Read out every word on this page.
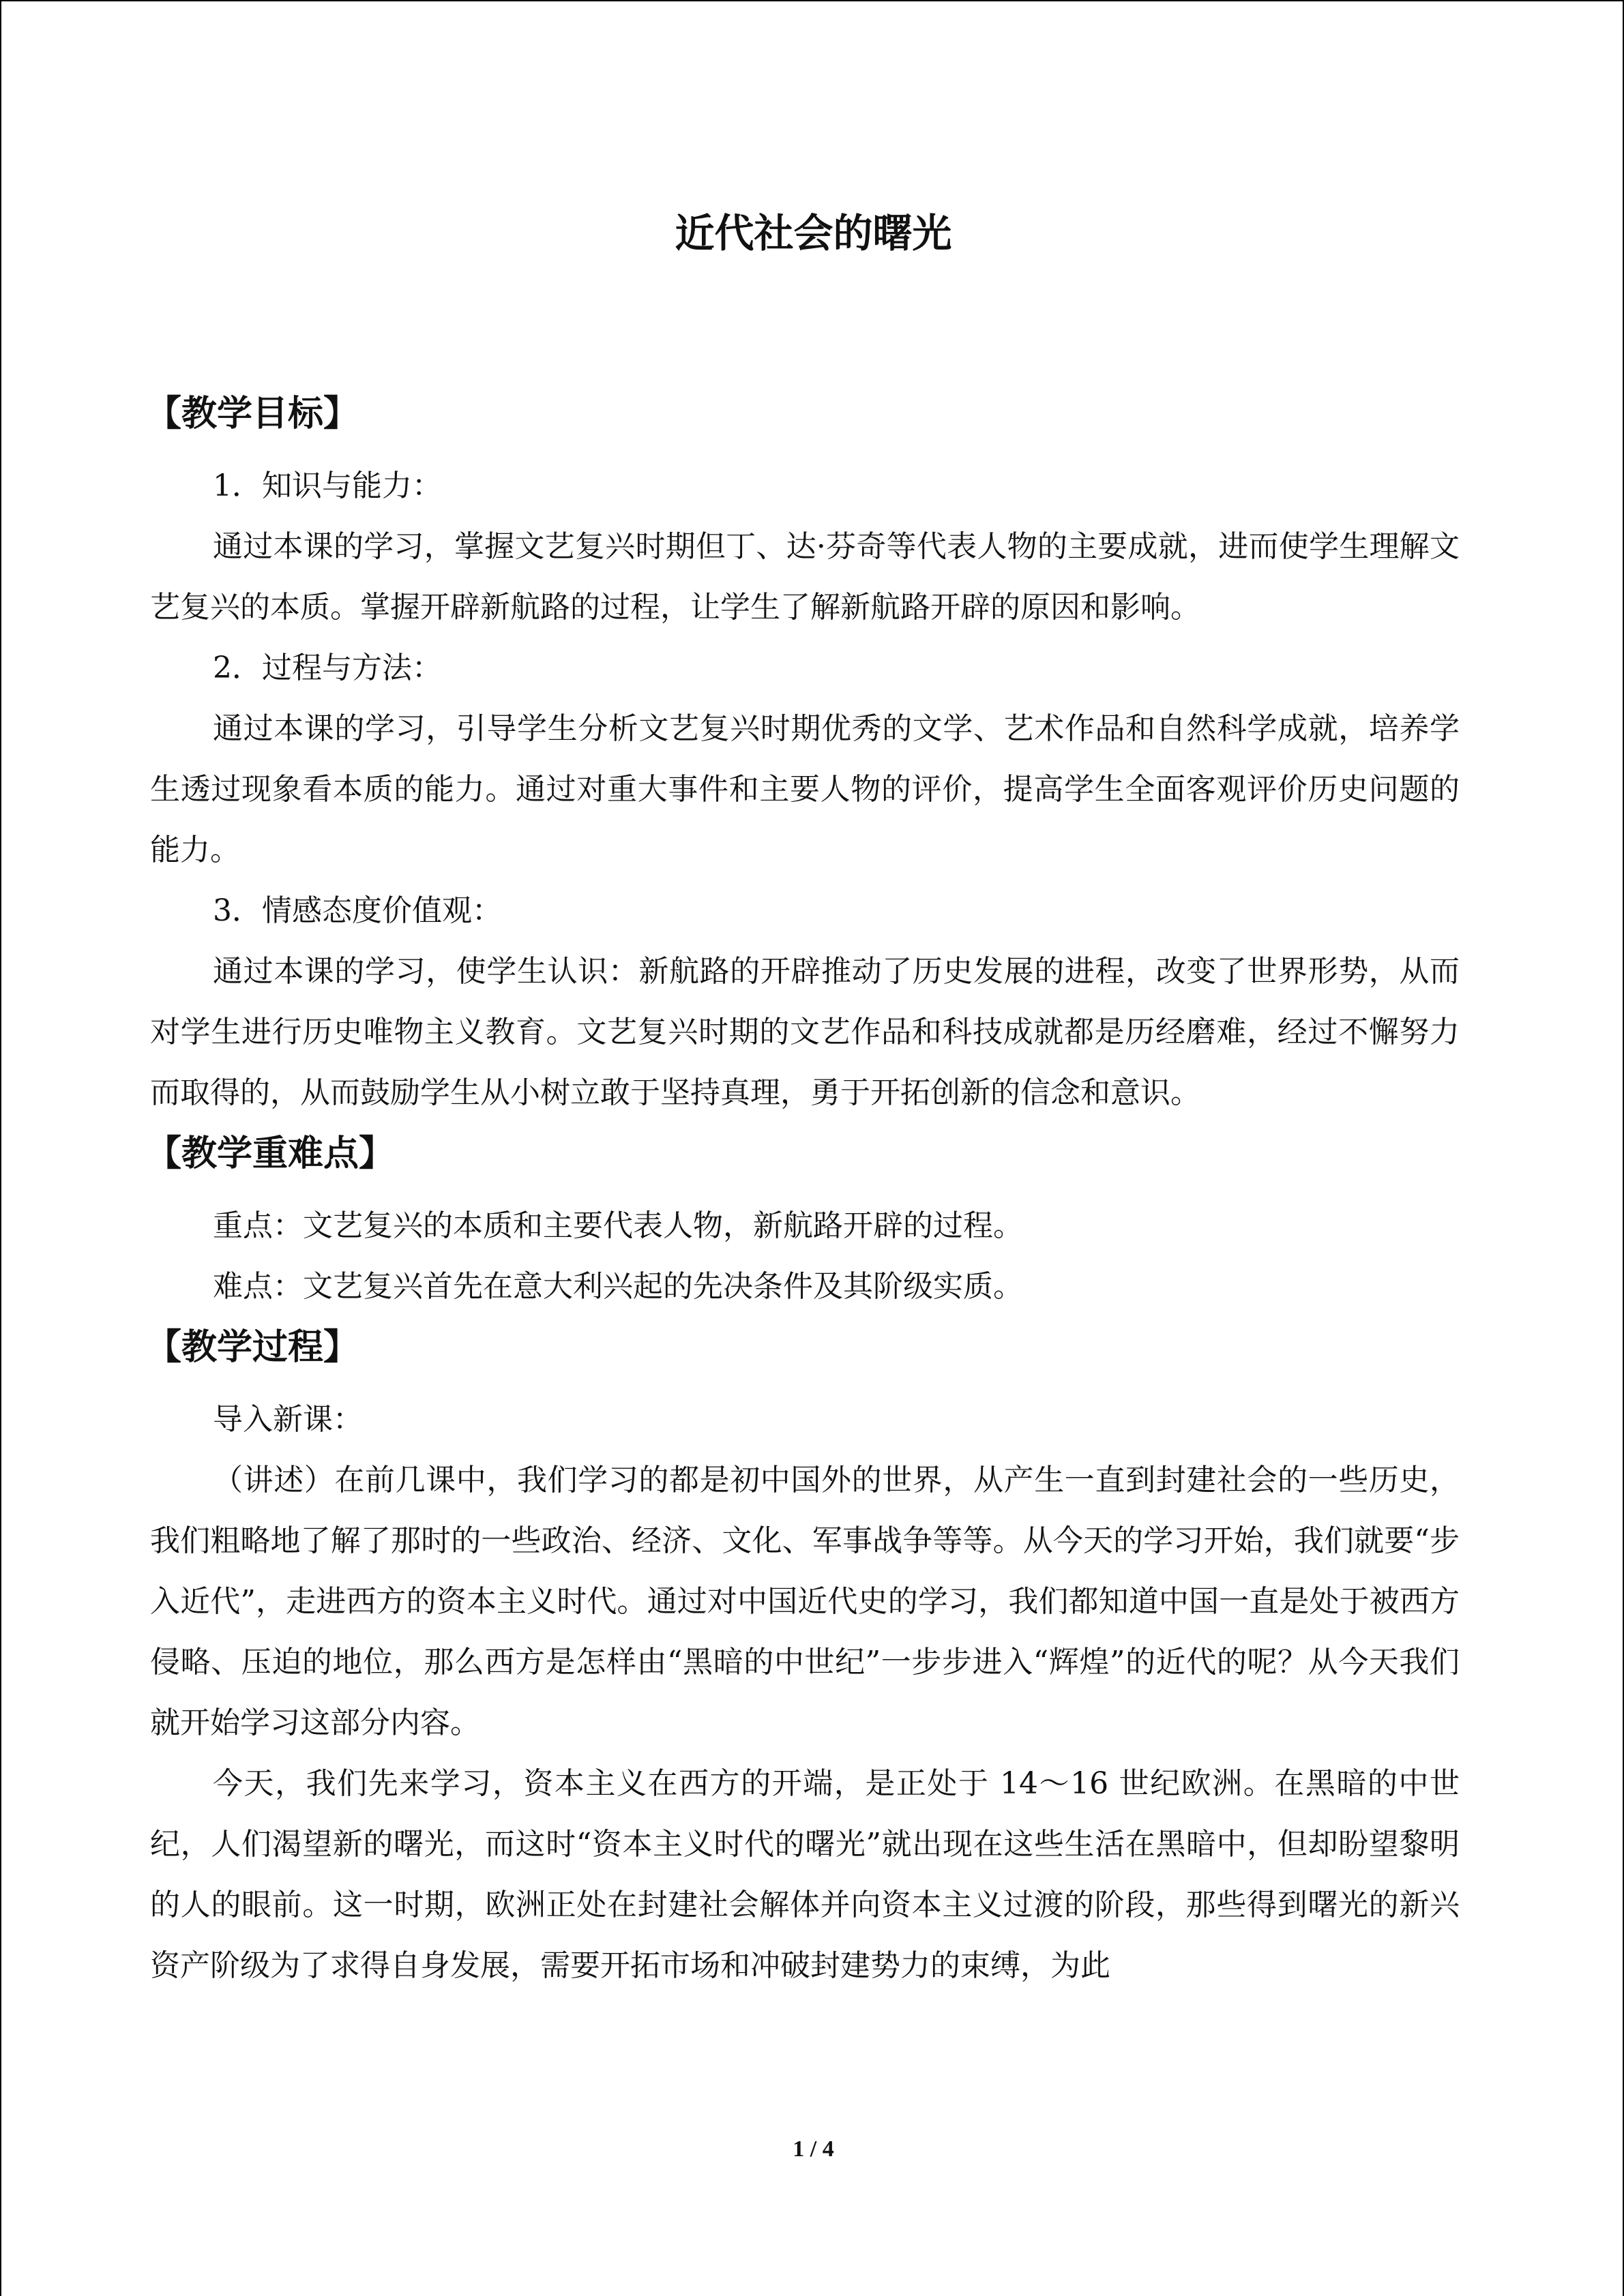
近代社会的曙光
【教学目标】

1．知识与能力：

通过本课的学习，掌握文艺复兴时期但丁、达·芬奇等代表人物的主要成就，进而使学生理解文艺复兴的本质。掌握开辟新航路的过程，让学生了解新航路开辟的原因和影响。

2．过程与方法：

通过本课的学习，引导学生分析文艺复兴时期优秀的文学、艺术作品和自然科学成就，培养学生透过现象看本质的能力。通过对重大事件和主要人物的评价，提高学生全面客观评价历史问题的能力。

3．情感态度价值观：

通过本课的学习，使学生认识：新航路的开辟推动了历史发展的进程，改变了世界形势，从而对学生进行历史唯物主义教育。文艺复兴时期的文艺作品和科技成就都是历经磨难，经过不懈努力而取得的，从而鼓励学生从小树立敢于坚持真理，勇于开拓创新的信念和意识。

【教学重难点】

重点：文艺复兴的本质和主要代表人物，新航路开辟的过程。

难点：文艺复兴首先在意大利兴起的先决条件及其阶级实质。

【教学过程】

导入新课：

（讲述）在前几课中，我们学习的都是初中国外的世界，从产生一直到封建社会的一些历史，我们粗略地了解了那时的一些政治、经济、文化、军事战争等等。从今天的学习开始，我们就要“步入近代”，走进西方的资本主义时代。通过对中国近代史的学习，我们都知道中国一直是处于被西方侵略、压迫的地位，那么西方是怎样由“黑暗的中世纪”一步步进入“辉煌”的近代的呢？从今天我们就开始学习这部分内容。

今天，我们先来学习，资本主义在西方的开端，是正处于 14～16 世纪欧洲。在黑暗的中世纪，人们渴望新的曙光，而这时“资本主义时代的曙光”就出现在这些生活在黑暗中，但却盼望黎明的人的眼前。这一时期，欧洲正处在封建社会解体并向资本主义过渡的阶段，那些得到曙光的新兴资产阶级为了求得自身发展，需要开拓市场和冲破封建势力的束缚，为此

1 / 4
